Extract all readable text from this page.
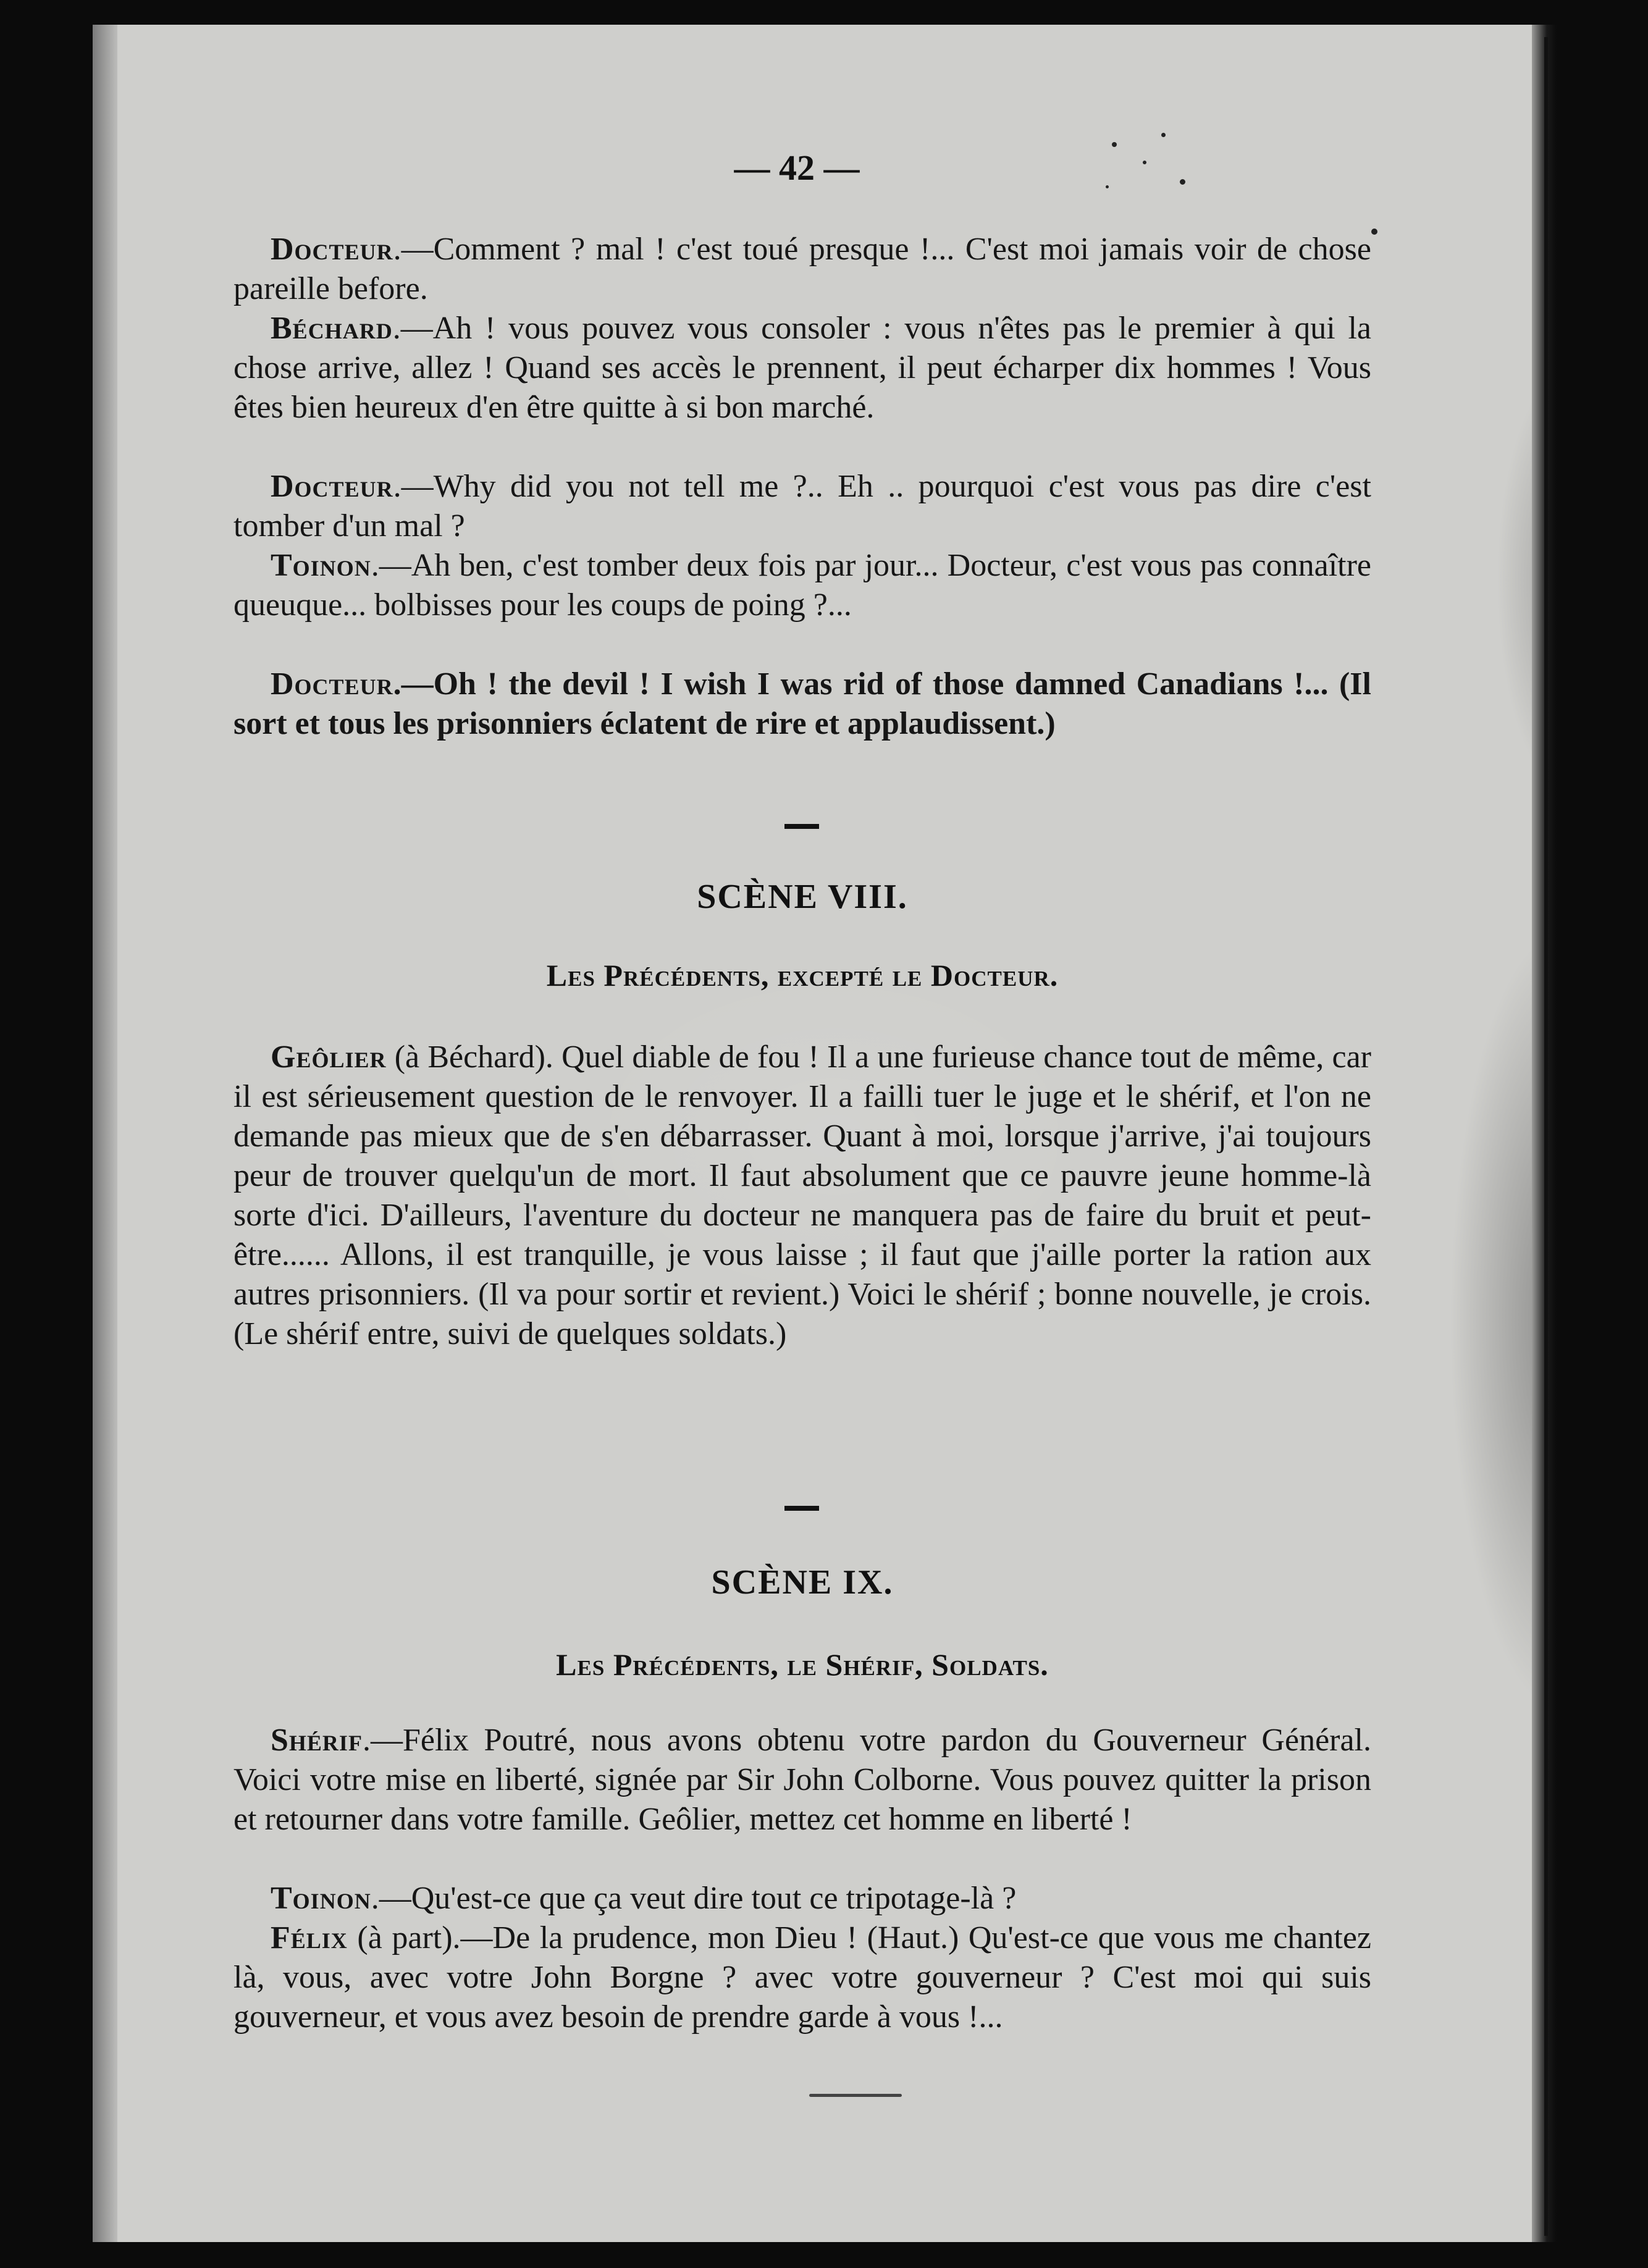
— 42 —

Docteur.—Comment ? mal ! c'est toué presque !... C'est moi jamais voir de chose pareille before.

Béchard.—Ah ! vous pouvez vous consoler : vous n'êtes pas le premier à qui la chose arrive, allez ! Quand ses accès le prennent, il peut écharper dix hommes ! Vous êtes bien heureux d'en être quitte à si bon marché.

Docteur.—Why did you not tell me ?.. Eh .. pourquoi c'est vous pas dire c'est tomber d'un mal ?

Toinon.—Ah ben, c'est tomber deux fois par jour... Docteur, c'est vous pas connaître queuque... bolbisses pour les coups de poing ?...

Docteur.—Oh ! the devil ! I wish I was rid of those damned Canadians !... (Il sort et tous les prisonniers éclatent de rire et applaudissent.)

SCÈNE VIII.
Les Précédents, excepté le Docteur.

Geôlier (à Béchard). Quel diable de fou ! Il a une furieuse chance tout de même, car il est sérieusement question de le renvoyer. Il a failli tuer le juge et le shérif, et l'on ne demande pas mieux que de s'en débarrasser. Quant à moi, lorsque j'arrive, j'ai toujours peur de trouver quelqu'un de mort. Il faut absolument que ce pauvre jeune homme-là sorte d'ici. D'ailleurs, l'aventure du docteur ne manquera pas de faire du bruit et peut-être...... Allons, il est tranquille, je vous laisse ; il faut que j'aille porter la ration aux autres prisonniers. (Il va pour sortir et revient.) Voici le shérif ; bonne nouvelle, je crois. (Le shérif entre, suivi de quelques soldats.)

SCÈNE IX.
Les Précédents, le Shérif, Soldats.

Shérif.—Félix Poutré, nous avons obtenu votre pardon du Gouverneur Général. Voici votre mise en liberté, signée par Sir John Colborne. Vous pouvez quitter la prison et retourner dans votre famille. Geôlier, mettez cet homme en liberté !

Toinon.—Qu'est-ce que ça veut dire tout ce tripotage-là ?

Félix (à part).—De la prudence, mon Dieu ! (Haut.) Qu'est-ce que vous me chantez là, vous, avec votre John Borgne ? avec votre gouverneur ? C'est moi qui suis gouverneur, et vous avez besoin de prendre garde à vous !...
